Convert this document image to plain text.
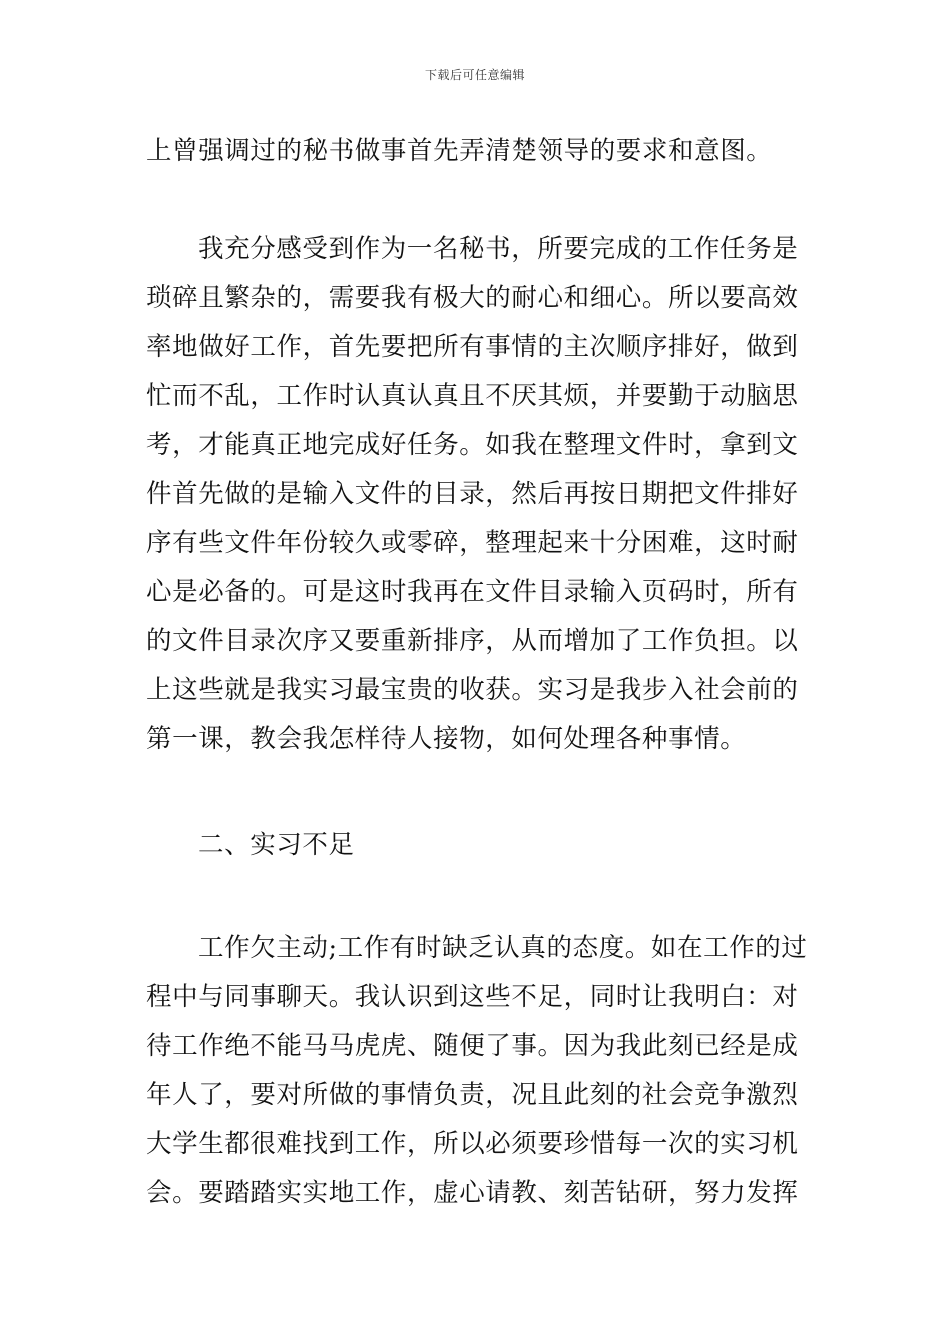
下载后可任意编辑
上曾强调过的秘书做事首先弄清楚领导的要求和意图。
我充分感受到作为一名秘书，所要完成的工作任务是
琐碎且繁杂的，需要我有极大的耐心和细心。所以要高效
率地做好工作，首先要把所有事情的主次顺序排好，做到
忙而不乱，工作时认真认真且不厌其烦，并要勤于动脑思
考，才能真正地完成好任务。如我在整理文件时，拿到文
件首先做的是输入文件的目录，然后再按日期把文件排好
序有些文件年份较久或零碎，整理起来十分困难，这时耐
心是必备的。可是这时我再在文件目录输入页码时，所有
的文件目录次序又要重新排序，从而增加了工作负担。以
上这些就是我实习最宝贵的收获。实习是我步入社会前的
第一课，教会我怎样待人接物，如何处理各种事情。
二、实习不足
工作欠主动;工作有时缺乏认真的态度。如在工作的过
程中与同事聊天。我认识到这些不足，同时让我明白：对
待工作绝不能马马虎虎、随便了事。因为我此刻已经是成
年人了，要对所做的事情负责，况且此刻的社会竞争激烈
大学生都很难找到工作，所以必须要珍惜每一次的实习机
会。要踏踏实实地工作，虚心请教、刻苦钻研，努力发挥
